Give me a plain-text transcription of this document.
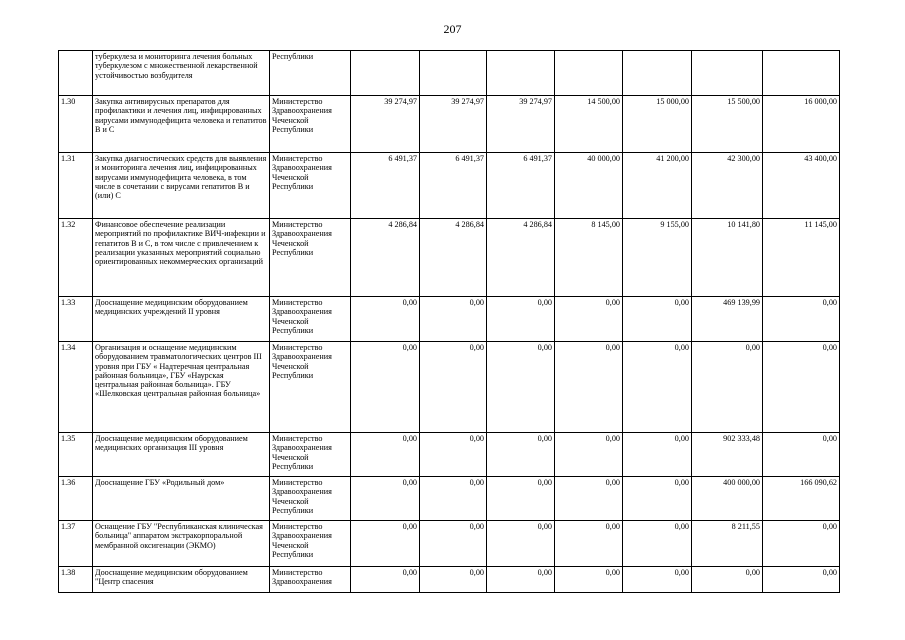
207
	туберкулеза и мониторинга лечения больных туберкулезом с множественной лекарственной устойчивостью возбудителя	Республики							
1.30	Закупка антивирусных препаратов для профилактики и лечения лиц, инфицированных вирусами иммунодефицита человека и гепатитов B и C	Министерство Здравоохранения Чеченской Республики	39 274,97	39 274,97	39 274,97	14 500,00	15 000,00	15 500,00	16 000,00
1.31	Закупка диагностических средств для выявления и мониторинга лечения лиц, инфицированных вирусами иммунодефицита человека, в том числе в сочетании с вирусами гепатитов B и (или) C	Министерство Здравоохранения Чеченской Республики	6 491,37	6 491,37	6 491,37	40 000,00	41 200,00	42 300,00	43 400,00
1.32	Финансовое обеспечение реализации мероприятий по профилактике ВИЧ-инфекции и гепатитов B и C, в том числе с привлечением к реализации указанных мероприятий социально ориентированных некоммерческих организаций	Министерство Здравоохранения Чеченской Республики	4 286,84	4 286,84	4 286,84	8 145,00	9 155,00	10 141,80	11 145,00
1.33	Дооснащение медицинским оборудованием медицинских учреждений II уровня	Министерство Здравоохранения Чеченской Республики	0,00	0,00	0,00	0,00	0,00	469 139,99	0,00
1.34	Организация и оснащение медицинским оборудованием травматологических центров III уровня при ГБУ « Надтеречная центральная районная больница», ГБУ «Наурская центральная районная больница». ГБУ «Шелковская центральная районная больница»	Министерство Здравоохранения Чеченской Республики	0,00	0,00	0,00	0,00	0,00	0,00	0,00
1.35	Дооснащение медицинским оборудованием медицинских организация III уровня	Министерство Здравоохранения Чеченской Республики	0,00	0,00	0,00	0,00	0,00	902 333,48	0,00
1.36	Дооснащение ГБУ «Родильный дом»	Министерство Здравоохранения Чеченской Республики	0,00	0,00	0,00	0,00	0,00	400 000,00	166 090,62
1.37	Оснащение ГБУ "Республиканская клиническая больница" аппаратом экстракорпоральной мембранной оксигенации (ЭКМО)	Министерство Здравоохранения Чеченской Республики	0,00	0,00	0,00	0,00	0,00	8 211,55	0,00
1.38	Дооснащение медицинским оборудованием "Центр спасения	Министерство Здравоохранения	0,00	0,00	0,00	0,00	0,00	0,00	0,00
